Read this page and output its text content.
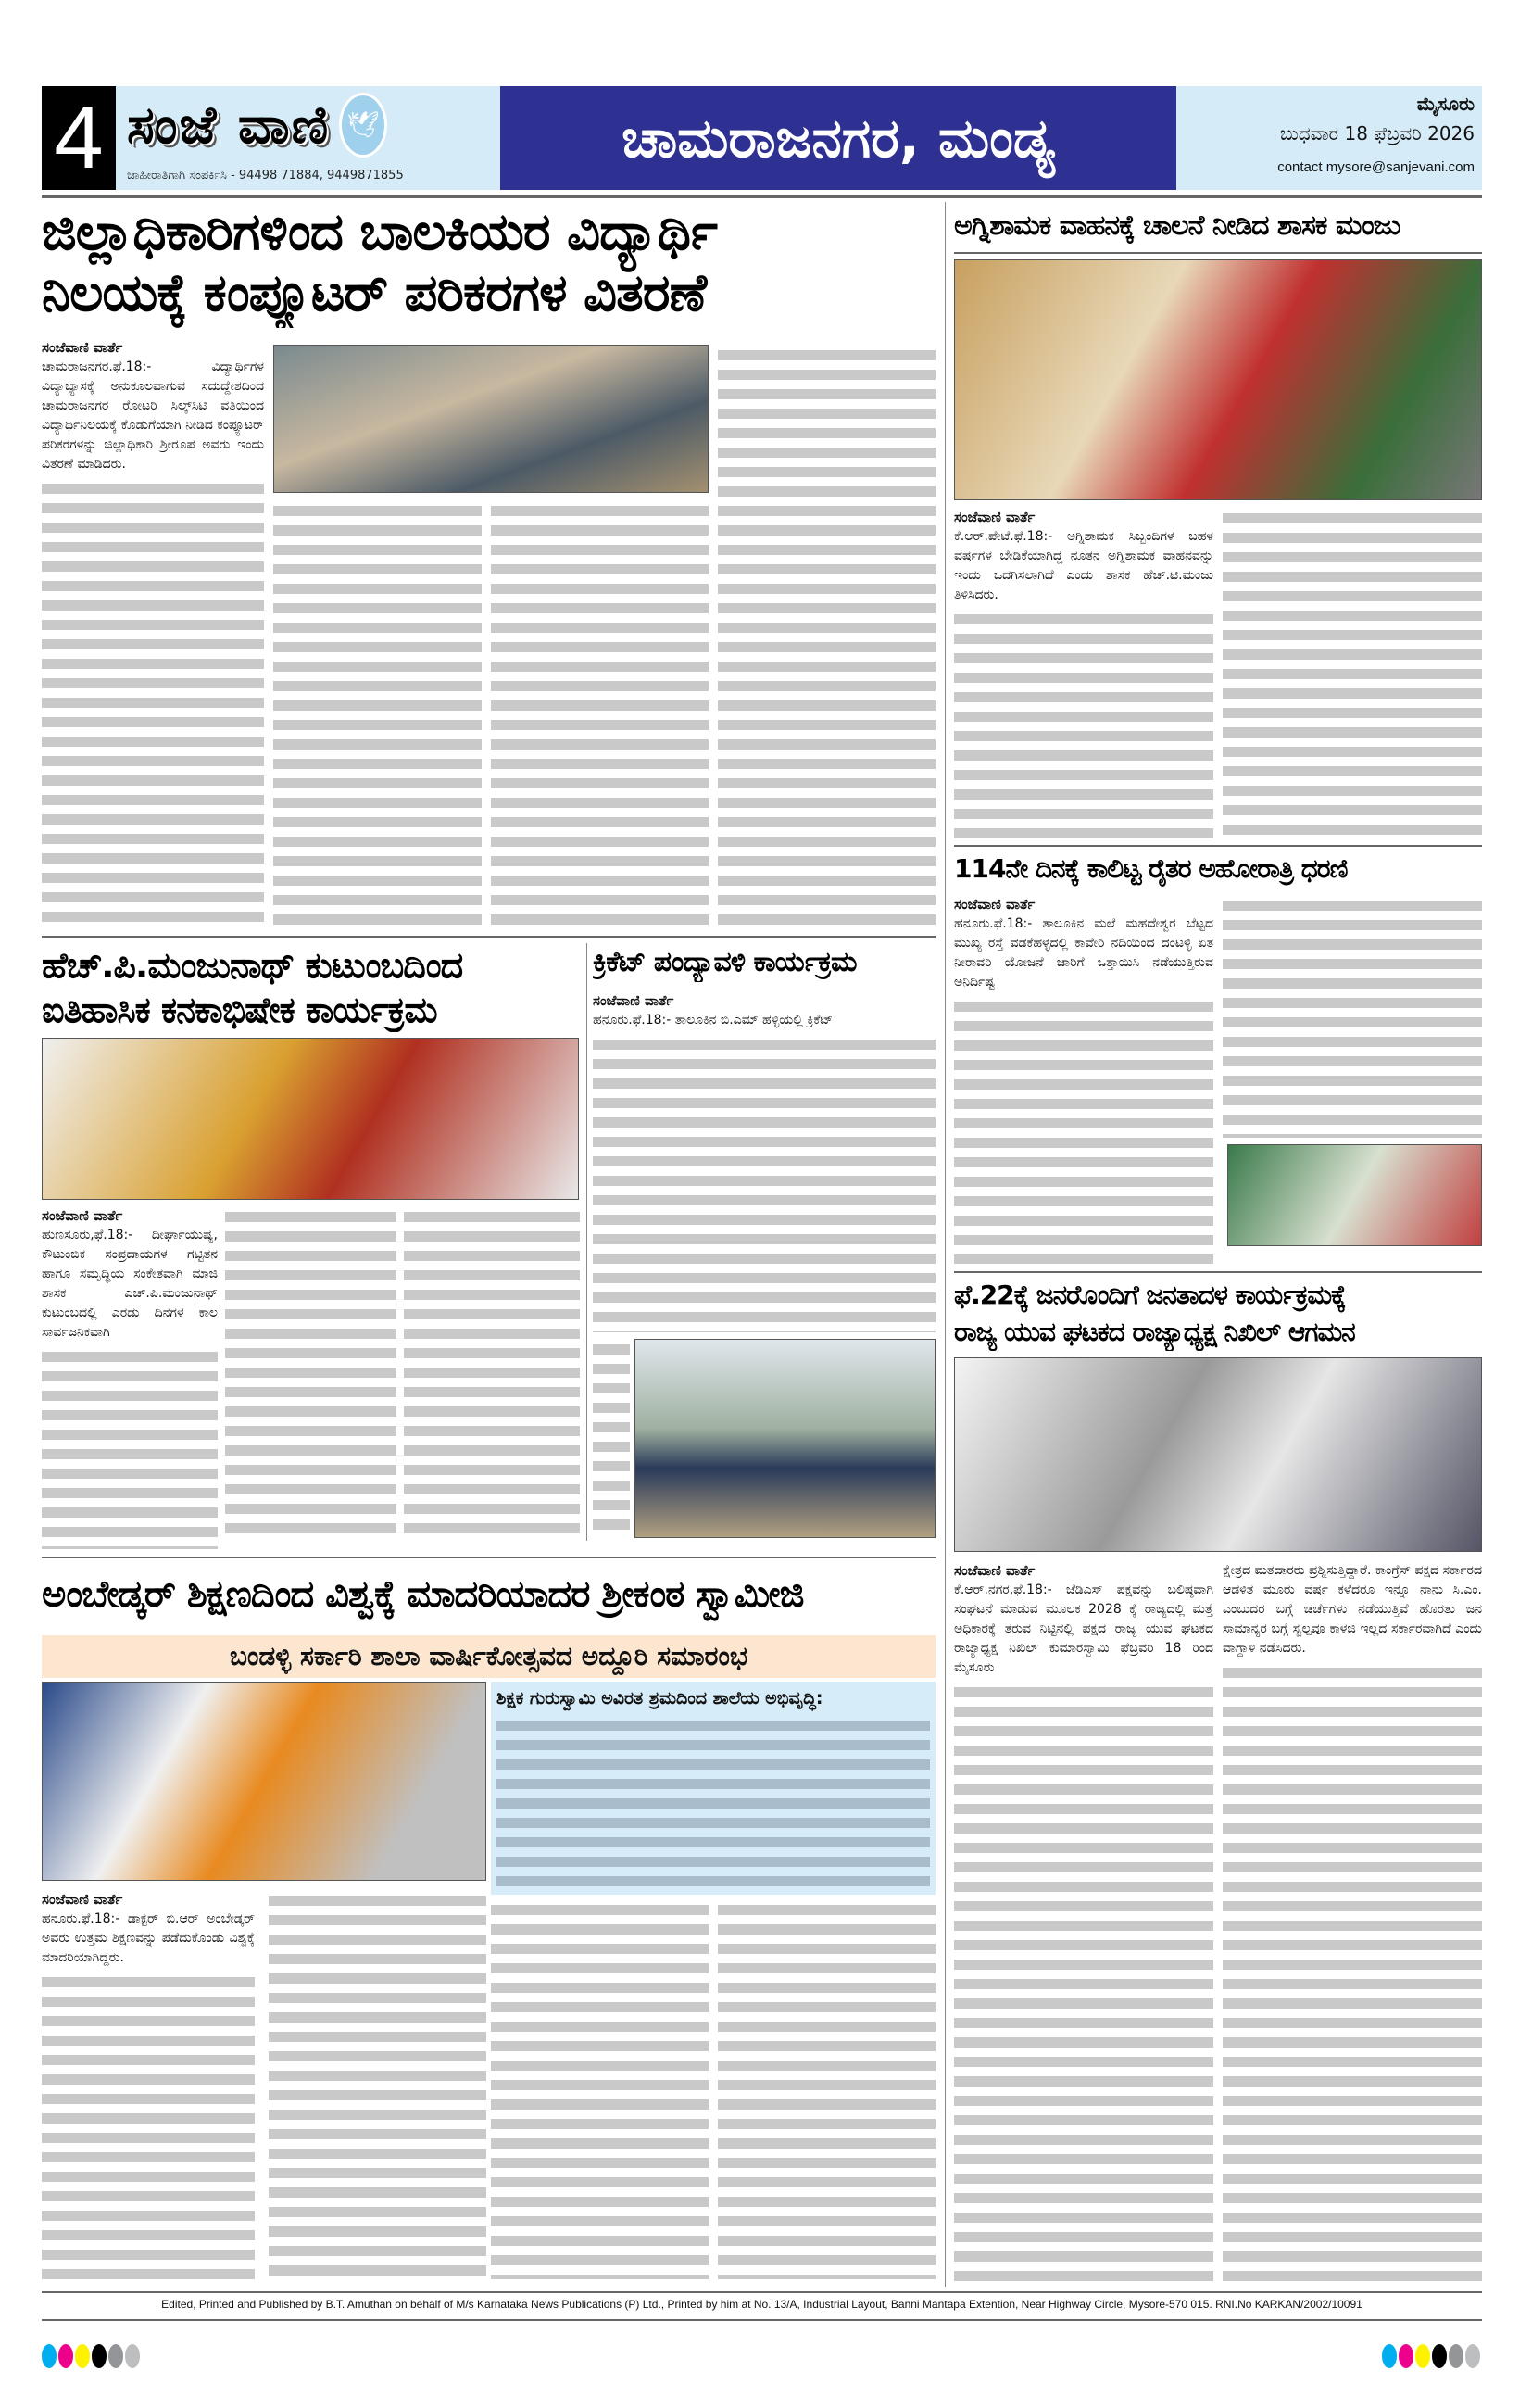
4 ಸಂಜೆ ವಾಣಿ 🕊
ಜಾಹೀರಾತಿಗಾಗಿ ಸಂಪರ್ಕಿಸಿ - 94498 71884, 9449871855
ಚಾಮರಾಜನಗರ, ಮಂಡ್ಯ
ಮೈಸೂರು
ಬುಧವಾರ 18 ಫೆಬ್ರವರಿ 2026
contact mysore@sanjevani.com
ಜಿಲ್ಲಾಧಿಕಾರಿಗಳಿಂದ ಬಾಲಕಿಯರ ವಿದ್ಯಾರ್ಥಿ
ನಿಲಯಕ್ಕೆ ಕಂಪ್ಯೂಟರ್ ಪರಿಕರಗಳ ವಿತರಣೆ
ಸಂಜೆವಾಣಿ ವಾರ್ತೆ
ಚಾಮರಾಜನಗರ.ಫೆ.18:- ವಿದ್ಯಾರ್ಥಿಗಳ ವಿದ್ಯಾಭ್ಯಾಸಕ್ಕೆ ಅನುಕೂಲವಾಗುವ ಸದುದ್ದೇಶದಿಂದ ಚಾಮರಾಜನಗರ ರೋಟರಿ ಸಿಲ್ಕ್‌ಸಿಟಿ ವತಿಯಿಂದ ವಿದ್ಯಾರ್ಥಿನಿಲಯಕ್ಕೆ ಕೊಡುಗೆಯಾಗಿ ನೀಡಿದ ಕಂಪ್ಯೂಟರ್ ಪರಿಕರಗಳನ್ನು ಜಿಲ್ಲಾಧಿಕಾರಿ ಶ್ರೀರೂಪ ಅವರು ಇಂದು ವಿತರಣೆ ಮಾಡಿದರು.
ಅಗ್ನಿಶಾಮಕ ವಾಹನಕ್ಕೆ ಚಾಲನೆ ನೀಡಿದ ಶಾಸಕ ಮಂಜು
ಸಂಜೆವಾಣಿ ವಾರ್ತೆ
ಕೆ.ಆರ್.ಪೇಟೆ.ಫೆ.18:- ಅಗ್ನಿಶಾಮಕ ಸಿಬ್ಬಂದಿಗಳ ಬಹಳ ವರ್ಷಗಳ ಬೇಡಿಕೆಯಾಗಿದ್ದ ನೂತನ ಅಗ್ನಿಶಾಮಕ ವಾಹನವನ್ನು ಇಂದು ಒದಗಿಸಲಾಗಿದೆ ಎಂದು ಶಾಸಕ ಹೆಚ್.ಟಿ.ಮಂಜು ತಿಳಿಸಿದರು.
114ನೇ ದಿನಕ್ಕೆ ಕಾಲಿಟ್ಟ ರೈತರ ಅಹೋರಾತ್ರಿ ಧರಣಿ
ಸಂಜೆವಾಣಿ ವಾರ್ತೆ
ಹನೂರು.ಫೆ.18:- ತಾಲೂಕಿನ ಮಲೆ ಮಹದೇಶ್ವರ ಬೆಟ್ಟದ ಮುಖ್ಯ ರಸ್ತೆ ವಡಕೆಹಳ್ಳದಲ್ಲಿ ಕಾವೇರಿ ನದಿಯಿಂದ ದಂಟಳ್ಳಿ ಏತ ನೀರಾವರಿ ಯೋಜನೆ ಜಾರಿಗೆ ಒತ್ತಾಯಿಸಿ ನಡೆಯುತ್ತಿರುವ ಅನಿರ್ದಿಷ್ಟ
ಹೆಚ್.ಪಿ.ಮಂಜುನಾಥ್ ಕುಟುಂಬದಿಂದ
ಐತಿಹಾಸಿಕ ಕನಕಾಭಿಷೇಕ ಕಾರ್ಯಕ್ರಮ
ಸಂಜೆವಾಣಿ ವಾರ್ತೆ
ಹುಣಸೂರು,ಫೆ.18:- ದೀರ್ಘಾಯುಷ್ಯ, ಕೌಟುಂಬಿಕ ಸಂಪ್ರದಾಯಗಳ ಗಟ್ಟಿತನ ಹಾಗೂ ಸಮೃದ್ಧಿಯ ಸಂಕೇತವಾಗಿ ಮಾಜಿ ಶಾಸಕ ಎಚ್.ಪಿ.ಮಂಜುನಾಥ್ ಕುಟುಂಬದಲ್ಲಿ ಎರಡು ದಿನಗಳ ಕಾಲ ಸಾರ್ವಜನಿಕವಾಗಿ
ಕ್ರಿಕೆಟ್ ಪಂದ್ಯಾವಳಿ ಕಾರ್ಯಕ್ರಮ
ಸಂಜೆವಾಣಿ ವಾರ್ತೆ
ಹನೂರು.ಫೆ.18:- ತಾಲೂಕಿನ ಬಿ.ಎಮ್ ಹಳ್ಳಿಯಲ್ಲಿ ಕ್ರಿಕೆಟ್
ಫೆ.22ಕ್ಕೆ ಜನರೊಂದಿಗೆ ಜನತಾದಳ ಕಾರ್ಯಕ್ರಮಕ್ಕೆ
ರಾಜ್ಯ ಯುವ ಘಟಕದ ರಾಜ್ಯಾಧ್ಯಕ್ಷ ನಿಖಿಲ್ ಆಗಮನ
ಸಂಜೆವಾಣಿ ವಾರ್ತೆ
ಕೆ.ಆರ್.ನಗರ,ಫೆ.18:- ಜೆಡಿಎಸ್ ಪಕ್ಷವನ್ನು ಬಲಿಷ್ಠವಾಗಿ ಸಂಘಟನೆ ಮಾಡುವ ಮೂಲಕ 2028 ಕ್ಕೆ ರಾಜ್ಯದಲ್ಲಿ ಮತ್ತೆ ಅಧಿಕಾರಕ್ಕೆ ತರುವ ನಿಟ್ಟಿನಲ್ಲಿ ಪಕ್ಷದ ರಾಜ್ಯ ಯುವ ಘಟಕದ ರಾಜ್ಯಾಧ್ಯಕ್ಷ ನಿಖಿಲ್ ಕುಮಾರಸ್ವಾಮಿ ಫೆಬ್ರವರಿ 18 ರಿಂದ ಮೈಸೂರು
ಕ್ಷೇತ್ರದ ಮತದಾರರು ಪ್ರಶ್ನಿಸುತ್ತಿದ್ದಾರೆ. ಕಾಂಗ್ರೆಸ್ ಪಕ್ಷದ ಸರ್ಕಾರದ ಆಡಳಿತ ಮೂರು ವರ್ಷ ಕಳೆದರೂ ಇನ್ನೂ ನಾನು ಸಿ.ಎಂ. ಎಂಬುದರ ಬಗ್ಗೆ ಚರ್ಚೆಗಳು ನಡೆಯುತ್ತಿವೆ ಹೊರತು ಜನ ಸಾಮಾನ್ಯರ ಬಗ್ಗೆ ಸ್ವಲ್ಪವೂ ಕಾಳಜಿ ಇಲ್ಲದ ಸರ್ಕಾರವಾಗಿದೆ ಎಂದು ವಾಗ್ದಾಳಿ ನಡೆಸಿದರು.
ಅಂಬೇಡ್ಕರ್ ಶಿಕ್ಷಣದಿಂದ ವಿಶ್ವಕ್ಕೆ ಮಾದರಿಯಾದರ ಶ್ರೀಕಂಠ ಸ್ವಾಮೀಜಿ
ಬಂಡಳ್ಳಿ ಸರ್ಕಾರಿ ಶಾಲಾ ವಾರ್ಷಿಕೋತ್ಸವದ ಅದ್ದೂರಿ ಸಮಾರಂಭ
ಸಂಜೆವಾಣಿ ವಾರ್ತೆ
ಹನೂರು.ಫೆ.18:- ಡಾಕ್ಟರ್ ಬಿ.ಆರ್ ಅಂಬೇಡ್ಕರ್ ಅವರು ಉತ್ತಮ ಶಿಕ್ಷಣವನ್ನು ಪಡೆದುಕೊಂಡು ವಿಶ್ವಕ್ಕೆ ಮಾದರಿಯಾಗಿದ್ದರು.
ಶಿಕ್ಷಕ ಗುರುಸ್ವಾಮಿ ಅವಿರತ ಶ್ರಮದಿಂದ ಶಾಲೆಯ ಅಭಿವೃದ್ಧಿ:
Edited, Printed and Published by B.T. Amuthan on behalf of M/s Karnataka News Publications (P) Ltd., Printed by him at No. 13/A, Industrial Layout, Banni Mantapa Extention, Near Highway Circle, Mysore-570 015. RNI.No KARKAN/2002/10091
